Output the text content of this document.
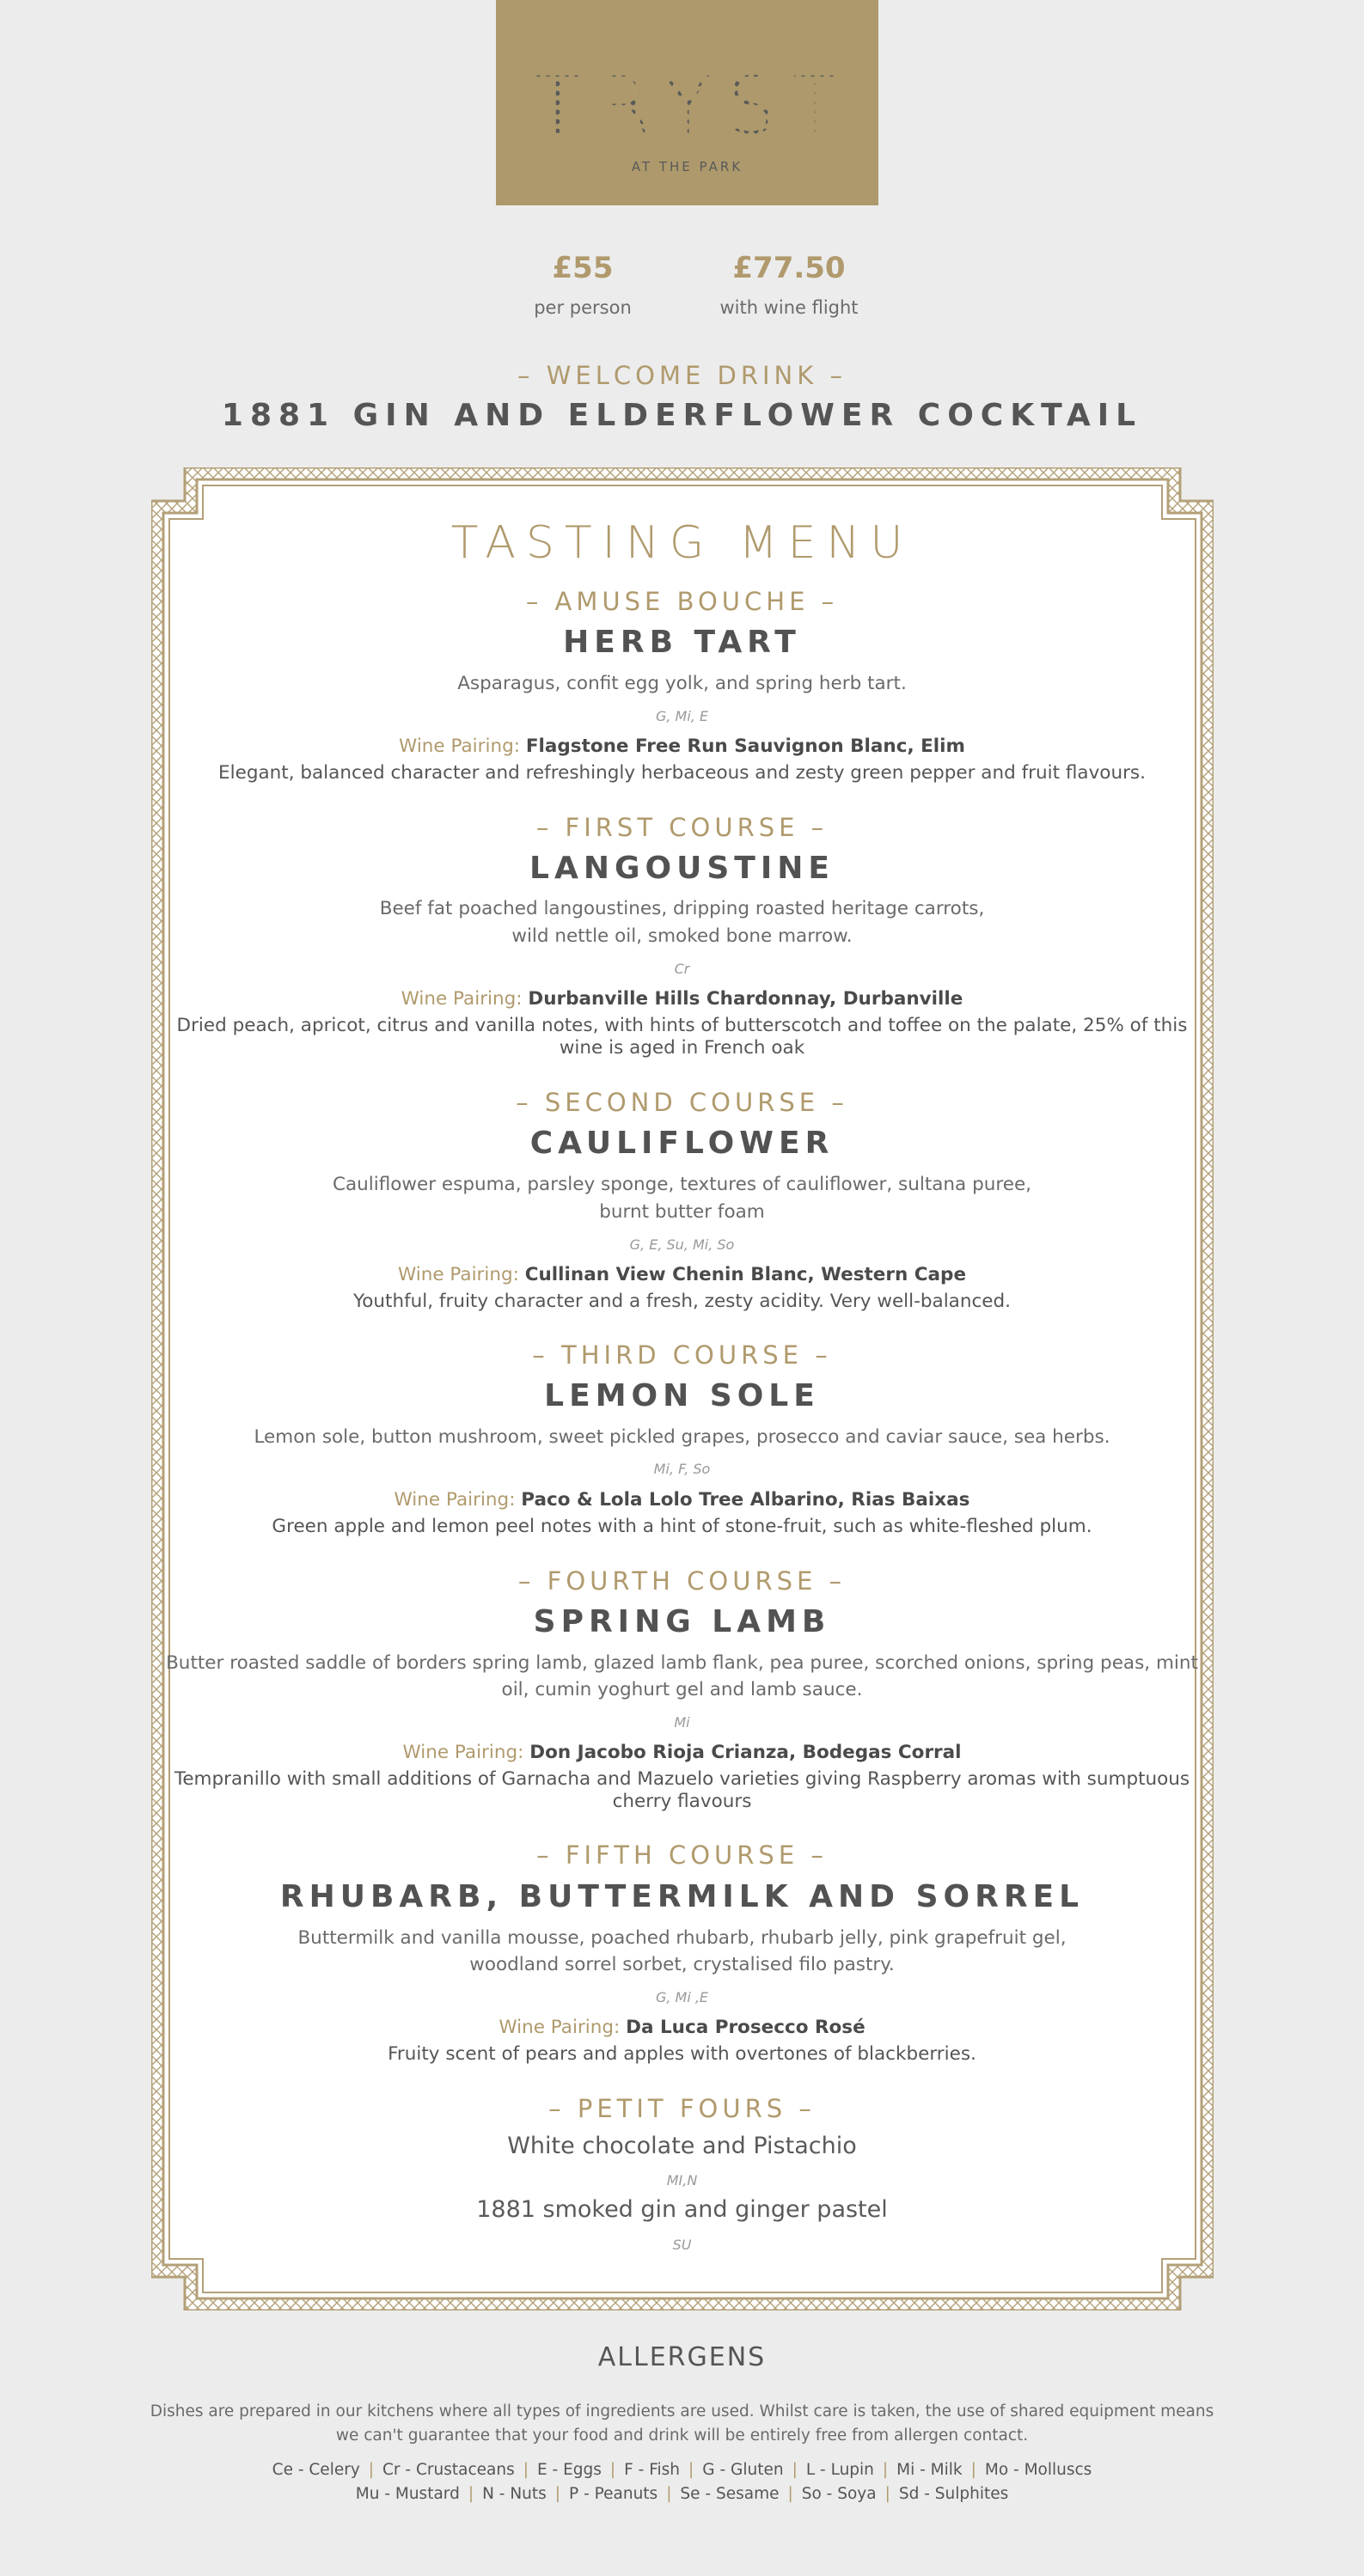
TRYST
AT THE PARK
£55
per person
£77.50
with wine flight
– WELCOME DRINK –
1881 GIN AND ELDERFLOWER COCKTAIL
TASTING MENU
– AMUSE BOUCHE –
HERB TART
Asparagus, confit egg yolk, and spring herb tart.
G, Mi, E
Wine Pairing: Flagstone Free Run Sauvignon Blanc, Elim
Elegant, balanced character and refreshingly herbaceous and zesty green pepper and fruit flavours.
– FIRST COURSE –
LANGOUSTINE
Beef fat poached langoustines, dripping roasted heritage carrots,
wild nettle oil, smoked bone marrow.
Cr
Wine Pairing: Durbanville Hills Chardonnay, Durbanville
Dried peach, apricot, citrus and vanilla notes, with hints of butterscotch and toffee on the palate, 25% of this
wine is aged in French oak
– SECOND COURSE –
CAULIFLOWER
Cauliflower espuma, parsley sponge, textures of cauliflower, sultana puree,
burnt butter foam
G, E, Su, Mi, So
Wine Pairing: Cullinan View Chenin Blanc, Western Cape
Youthful, fruity character and a fresh, zesty acidity. Very well-balanced.
– THIRD COURSE –
LEMON SOLE
Lemon sole, button mushroom, sweet pickled grapes, prosecco and caviar sauce, sea herbs.
Mi, F, So
Wine Pairing: Paco & Lola Lolo Tree Albarino, Rias Baixas
Green apple and lemon peel notes with a hint of stone-fruit, such as white-fleshed plum.
– FOURTH COURSE –
SPRING LAMB
Butter roasted saddle of borders spring lamb, glazed lamb flank, pea puree, scorched onions, spring peas, mint
oil, cumin yoghurt gel and lamb sauce.
Mi
Wine Pairing: Don Jacobo Rioja Crianza, Bodegas Corral
Tempranillo with small additions of Garnacha and Mazuelo varieties giving Raspberry aromas with sumptuous
cherry flavours
– FIFTH COURSE –
RHUBARB, BUTTERMILK AND SORREL
Buttermilk and vanilla mousse, poached rhubarb, rhubarb jelly, pink grapefruit gel,
woodland sorrel sorbet, crystalised filo pastry.
G, Mi ,E
Wine Pairing: Da Luca Prosecco Rosé
Fruity scent of pears and apples with overtones of blackberries.
– PETIT FOURS –
White chocolate and Pistachio
MI,N
1881 smoked gin and ginger pastel
SU
ALLERGENS
Dishes are prepared in our kitchens where all types of ingredients are used. Whilst care is taken, the use of shared equipment means
we can't guarantee that your food and drink will be entirely free from allergen contact.
Ce - Celery | Cr - Crustaceans | E - Eggs | F - Fish | G - Gluten | L - Lupin | Mi - Milk | Mo - Molluscs
Mu - Mustard | N - Nuts | P - Peanuts | Se - Sesame | So - Soya | Sd - Sulphites
